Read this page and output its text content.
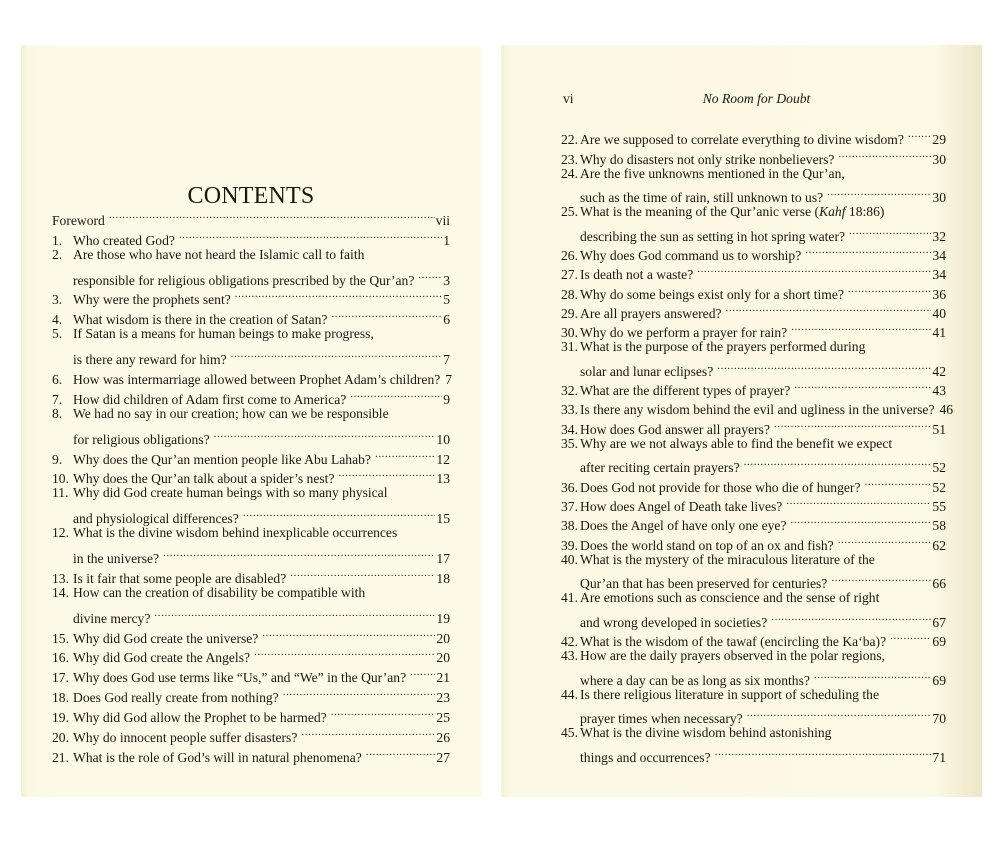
CONTENTS
Foreword .....	vii
1. Who created God? .....	1
2. Are those who have not heard the Islamic call to faith
responsible for religious obligations prescribed by the Qur’an? ..... 3
3. Why were the prophets sent? .....	5
4. What wisdom is there in the creation of Satan? .....	6
5. If Satan is a means for human beings to make progress,
is there any reward for him? .....	7
6. How was intermarriage allowed between Prophet Adam’s children? 7
7. How did children of Adam first come to America? .....	9
8. We had no say in our creation; how can we be responsible
for religious obligations? .....	10
9. Why does the Qur’an mention people like Abu Lahab? .....	12
10. Why does the Qur’an talk about a spider’s nest? .....	13
11. Why did God create human beings with so many physical
and physiological differences? .....	15
12. What is the divine wisdom behind inexplicable occurrences
in the universe? .....	17
13. Is it fair that some people are disabled? .....	18
14. How can the creation of disability be compatible with
divine mercy? .....	19
15. Why did God create the universe? .....	20
16. Why did God create the Angels? .....	20
17. Why does God use terms like “Us,” and “We” in the Qur’an? ..... 21
18. Does God really create from nothing? .....	23
19. Why did God allow the Prophet to be harmed? .....	25
20. Why do innocent people suffer disasters? .....	26
21. What is the role of God’s will in natural phenomena? .....	27
vi	No Room for Doubt
22. Are we supposed to correlate everything to divine wisdom? ..... 29
23. Why do disasters not only strike nonbelievers? .....	30
24. Are the five unknowns mentioned in the Qur’an,
such as the time of rain, still unknown to us? .....	30
25. What is the meaning of the Qur’anic verse (Kahf 18:86)
describing the sun as setting in hot spring water? .....	32
26. Why does God command us to worship? .....	34
27. Is death not a waste? .....	34
28. Why do some beings exist only for a short time? .....	36
29. Are all prayers answered? .....	40
30. Why do we perform a prayer for rain? .....	41
31. What is the purpose of the prayers performed during
solar and lunar eclipses? .....	42
32. What are the different types of prayer? .....	43
33. Is there any wisdom behind the evil and ugliness in the universe? 46
34. How does God answer all prayers? .....	51
35. Why are we not always able to find the benefit we expect
after reciting certain prayers? .....	52
36. Does God not provide for those who die of hunger? .....	52
37. How does Angel of Death take lives? .....	55
38. Does the Angel of have only one eye? .....	58
39. Does the world stand on top of an ox and fish? .....	62
40. What is the mystery of the miraculous literature of the
Qur’an that has been preserved for centuries? .....	66
41. Are emotions such as conscience and the sense of right
and wrong developed in societies? .....	67
42. What is the wisdom of the tawaf (encircling the Ka‘ba)? .....	69
43. How are the daily prayers observed in the polar regions,
where a day can be as long as six months? .....	69
44. Is there religious literature in support of scheduling the
prayer times when necessary? .....	70
45. What is the divine wisdom behind astonishing
things and occurrences? .....	71
